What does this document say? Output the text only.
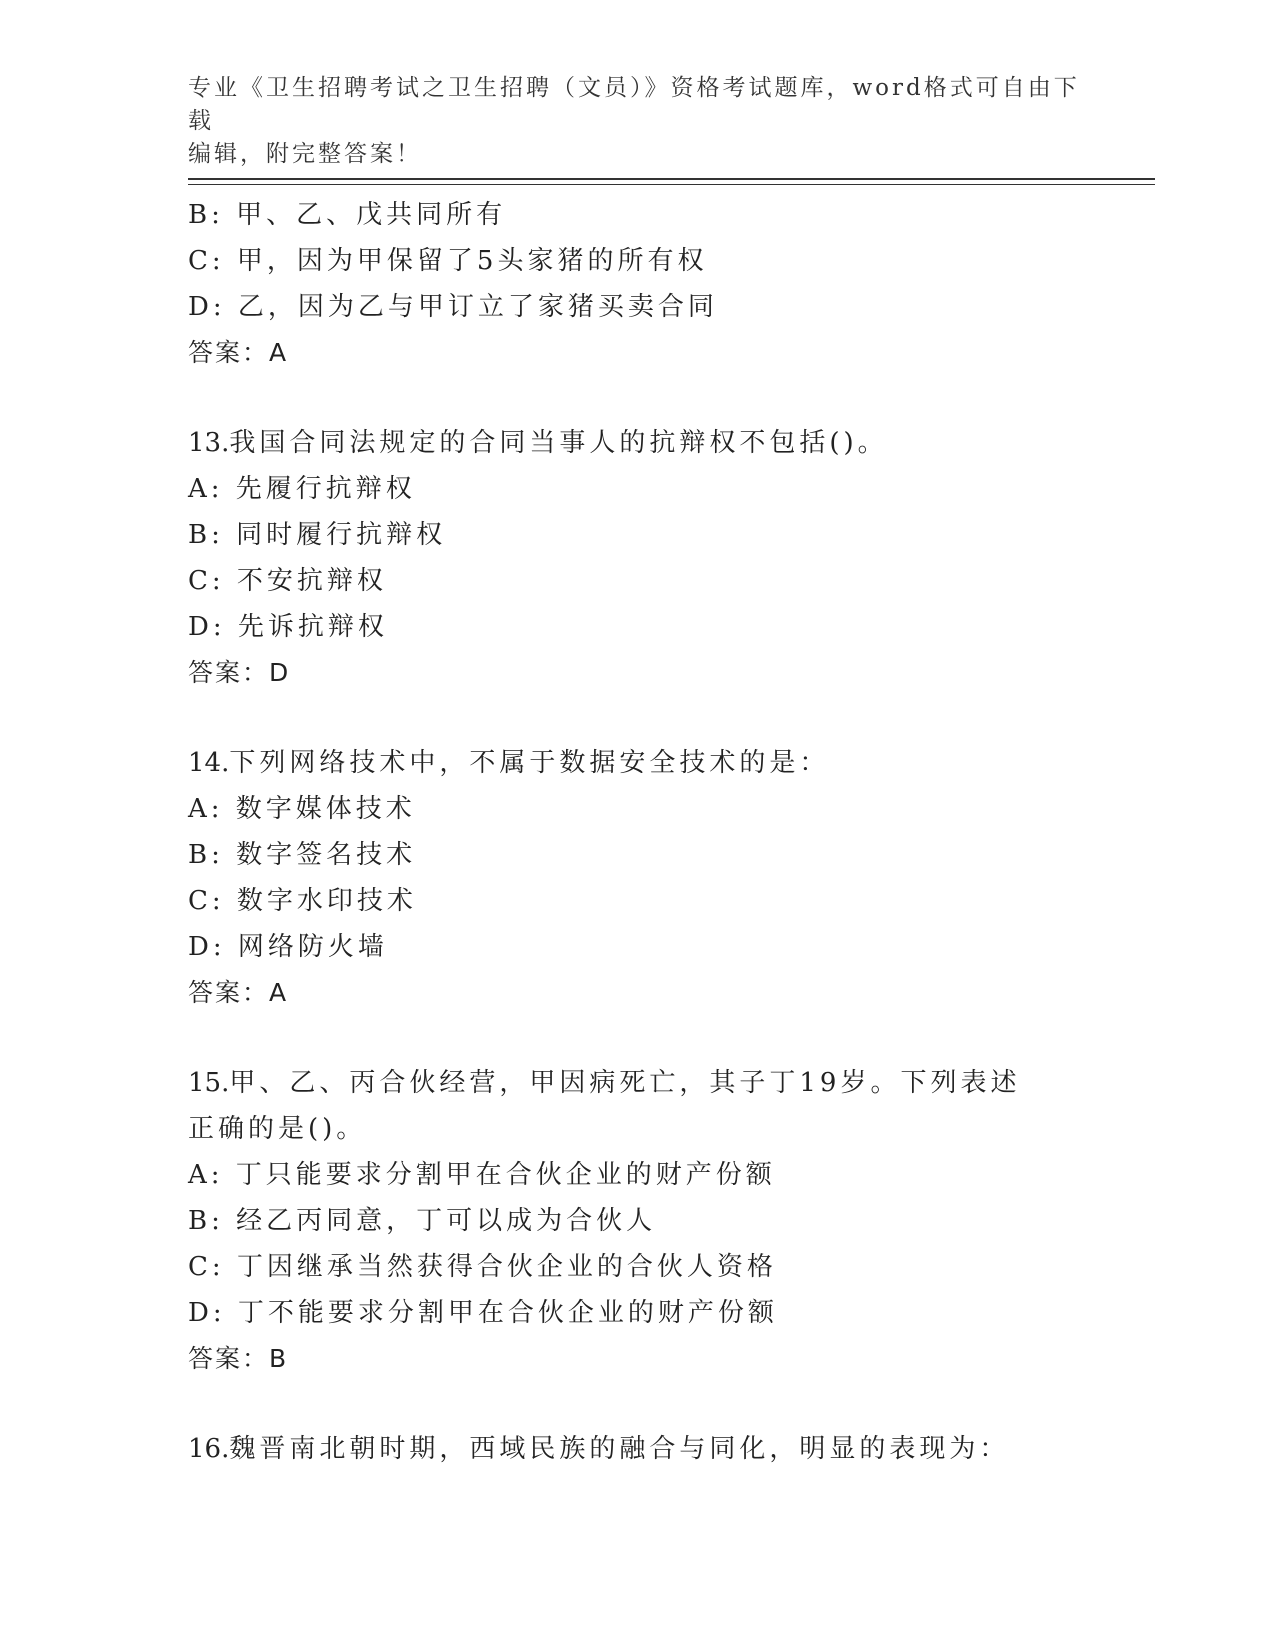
专业《卫生招聘考试之卫生招聘（文员）》资格考试题库，word格式可自由下载
编辑，附完整答案！
B: 甲、乙、戊共同所有
C: 甲，因为甲保留了5头家猪的所有权
D: 乙，因为乙与甲订立了家猪买卖合同
答案：A
13.我国合同法规定的合同当事人的抗辩权不包括()。
A: 先履行抗辩权
B: 同时履行抗辩权
C: 不安抗辩权
D: 先诉抗辩权
答案：D
14.下列网络技术中，不属于数据安全技术的是：
A: 数字媒体技术
B: 数字签名技术
C: 数字水印技术
D: 网络防火墙
答案：A
15.甲、乙、丙合伙经营，甲因病死亡，其子丁19岁。下列表述正确的是()。
A: 丁只能要求分割甲在合伙企业的财产份额
B: 经乙丙同意，丁可以成为合伙人
C: 丁因继承当然获得合伙企业的合伙人资格
D: 丁不能要求分割甲在合伙企业的财产份额
答案：B
16.魏晋南北朝时期，西域民族的融合与同化，明显的表现为：
